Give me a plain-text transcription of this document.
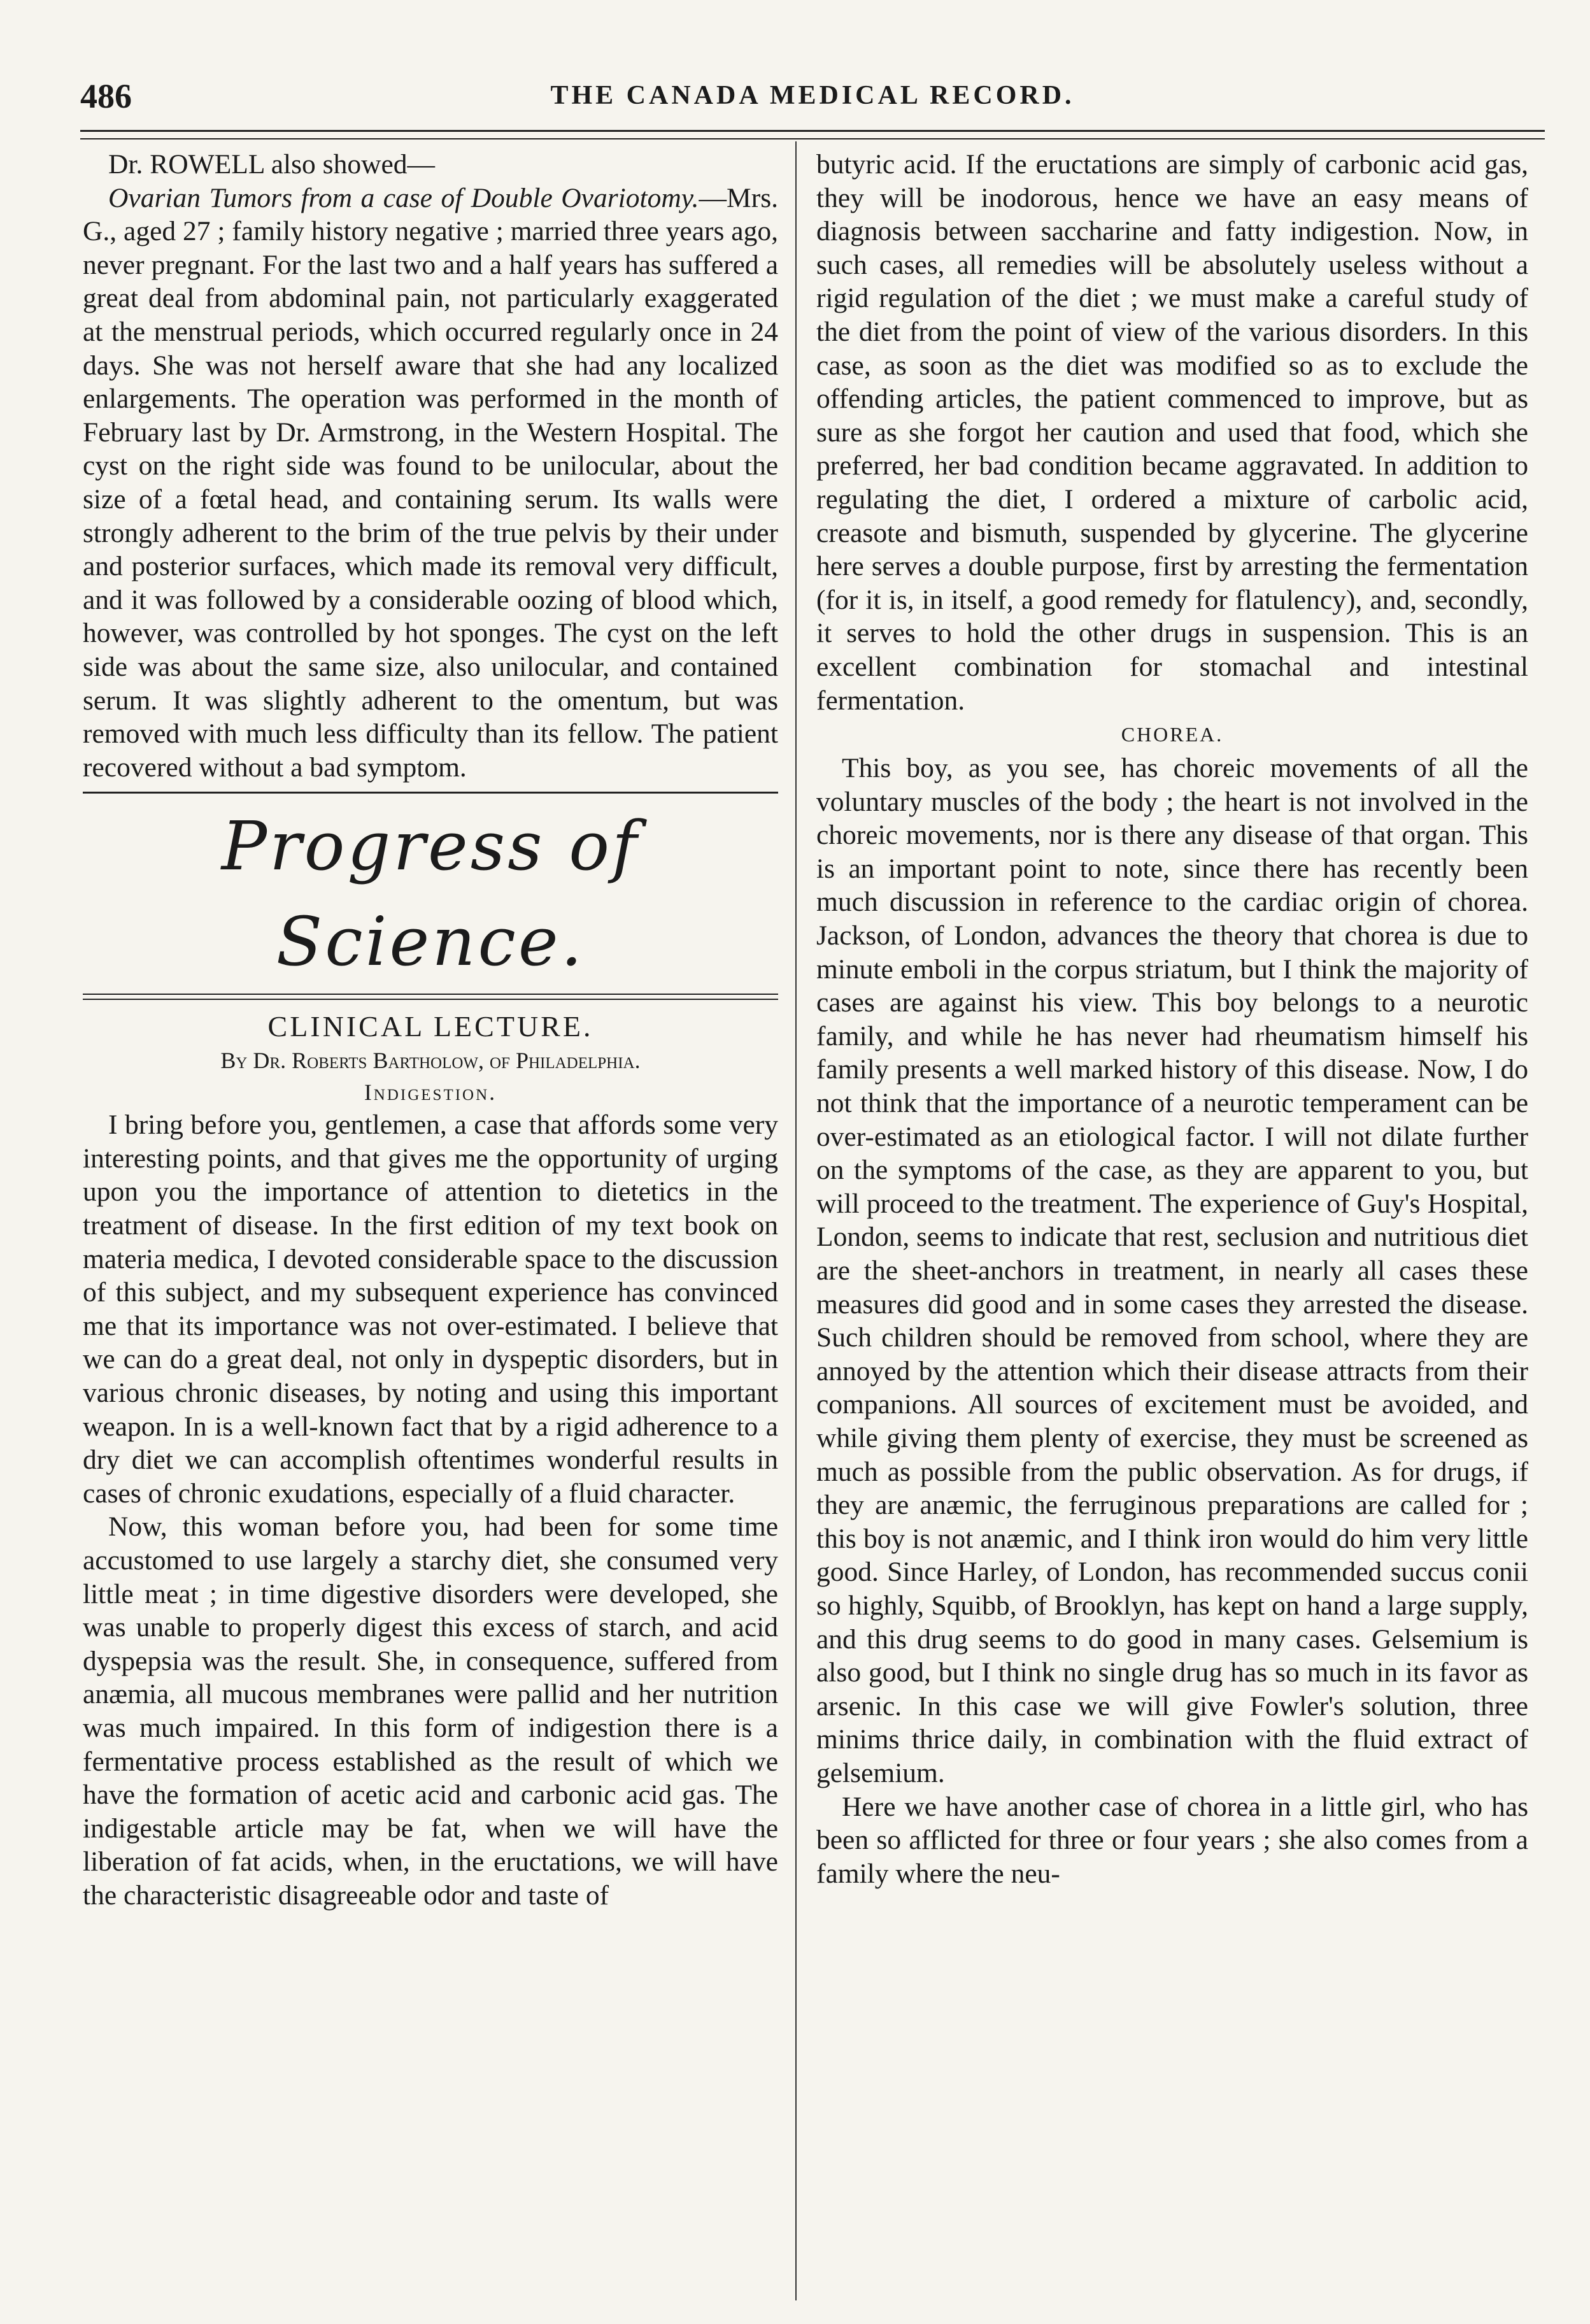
486	THE CANADA MEDICAL RECORD.

Dr. ROWELL also showed—

Ovarian Tumors from a case of Double Ovariotomy.—Mrs. G., aged 27 ; family history negative ; married three years ago, never pregnant. For the last two and a half years has suffered a great deal from abdominal pain, not particularly exaggerated at the menstrual periods, which occurred regularly once in 24 days. She was not herself aware that she had any localized enlargements. The operation was performed in the month of February last by Dr. Armstrong, in the Western Hospital. The cyst on the right side was found to be unilocular, about the size of a fœtal head, and containing serum. Its walls were strongly adherent to the brim of the true pelvis by their under and posterior surfaces, which made its removal very difficult, and it was followed by a considerable oozing of blood which, however, was controlled by hot sponges. The cyst on the left side was about the same size, also unilocular, and contained serum. It was slightly adherent to the omentum, but was removed with much less difficulty than its fellow. The patient recovered without a bad symptom.

Progress of Science.
CLINICAL LECTURE.
By Dr. Roberts Bartholow, of Philadelphia.
Indigestion.

I bring before you, gentlemen, a case that affords some very interesting points, and that gives me the opportunity of urging upon you the importance of attention to dietetics in the treatment of disease. In the first edition of my text book on materia medica, I devoted considerable space to the discussion of this subject, and my subsequent experience has convinced me that its importance was not over-estimated. I believe that we can do a great deal, not only in dyspeptic disorders, but in various chronic diseases, by noting and using this important weapon. In is a well-known fact that by a rigid adherence to a dry diet we can accomplish oftentimes wonderful results in cases of chronic exudations, especially of a fluid character.

Now, this woman before you, had been for some time accustomed to use largely a starchy diet, she consumed very little meat ; in time digestive disorders were developed, she was unable to properly digest this excess of starch, and acid dyspepsia was the result. She, in consequence, suffered from anæmia, all mucous membranes were pallid and her nutrition was much impaired. In this form of indigestion there is a fermentative process established as the result of which we have the formation of acetic acid and carbonic acid gas. The indigestable article may be fat, when we will have the liberation of fat acids, when, in the eructations, we will have the characteristic disagreeable odor and taste of

butyric acid. If the eructations are simply of carbonic acid gas, they will be inodorous, hence we have an easy means of diagnosis between saccharine and fatty indigestion. Now, in such cases, all remedies will be absolutely useless without a rigid regulation of the diet ; we must make a careful study of the diet from the point of view of the various disorders. In this case, as soon as the diet was modified so as to exclude the offending articles, the patient commenced to improve, but as sure as she forgot her caution and used that food, which she preferred, her bad condition became aggravated. In addition to regulating the diet, I ordered a mixture of carbolic acid, creasote and bismuth, suspended by glycerine. The glycerine here serves a double purpose, first by arresting the fermentation (for it is, in itself, a good remedy for flatulency), and, secondly, it serves to hold the other drugs in suspension. This is an excellent combination for stomachal and intestinal fermentation.

CHOREA.

This boy, as you see, has choreic movements of all the voluntary muscles of the body ; the heart is not involved in the choreic movements, nor is there any disease of that organ. This is an important point to note, since there has recently been much discussion in reference to the cardiac origin of chorea. Jackson, of London, advances the theory that chorea is due to minute emboli in the corpus striatum, but I think the majority of cases are against his view. This boy belongs to a neurotic family, and while he has never had rheumatism himself his family presents a well marked history of this disease. Now, I do not think that the importance of a neurotic temperament can be over-estimated as an etiological factor. I will not dilate further on the symptoms of the case, as they are apparent to you, but will proceed to the treatment. The experience of Guy's Hospital, London, seems to indicate that rest, seclusion and nutritious diet are the sheet-anchors in treatment, in nearly all cases these measures did good and in some cases they arrested the disease. Such children should be removed from school, where they are annoyed by the attention which their disease attracts from their companions. All sources of excitement must be avoided, and while giving them plenty of exercise, they must be screened as much as possible from the public observation. As for drugs, if they are anæmic, the ferruginous preparations are called for ; this boy is not anæmic, and I think iron would do him very little good. Since Harley, of London, has recommended succus conii so highly, Squibb, of Brooklyn, has kept on hand a large supply, and this drug seems to do good in many cases. Gelsemium is also good, but I think no single drug has so much in its favor as arsenic. In this case we will give Fowler's solution, three minims thrice daily, in combination with the fluid extract of gelsemium.

Here we have another case of chorea in a little girl, who has been so afflicted for three or four years ; she also comes from a family where the neu-
